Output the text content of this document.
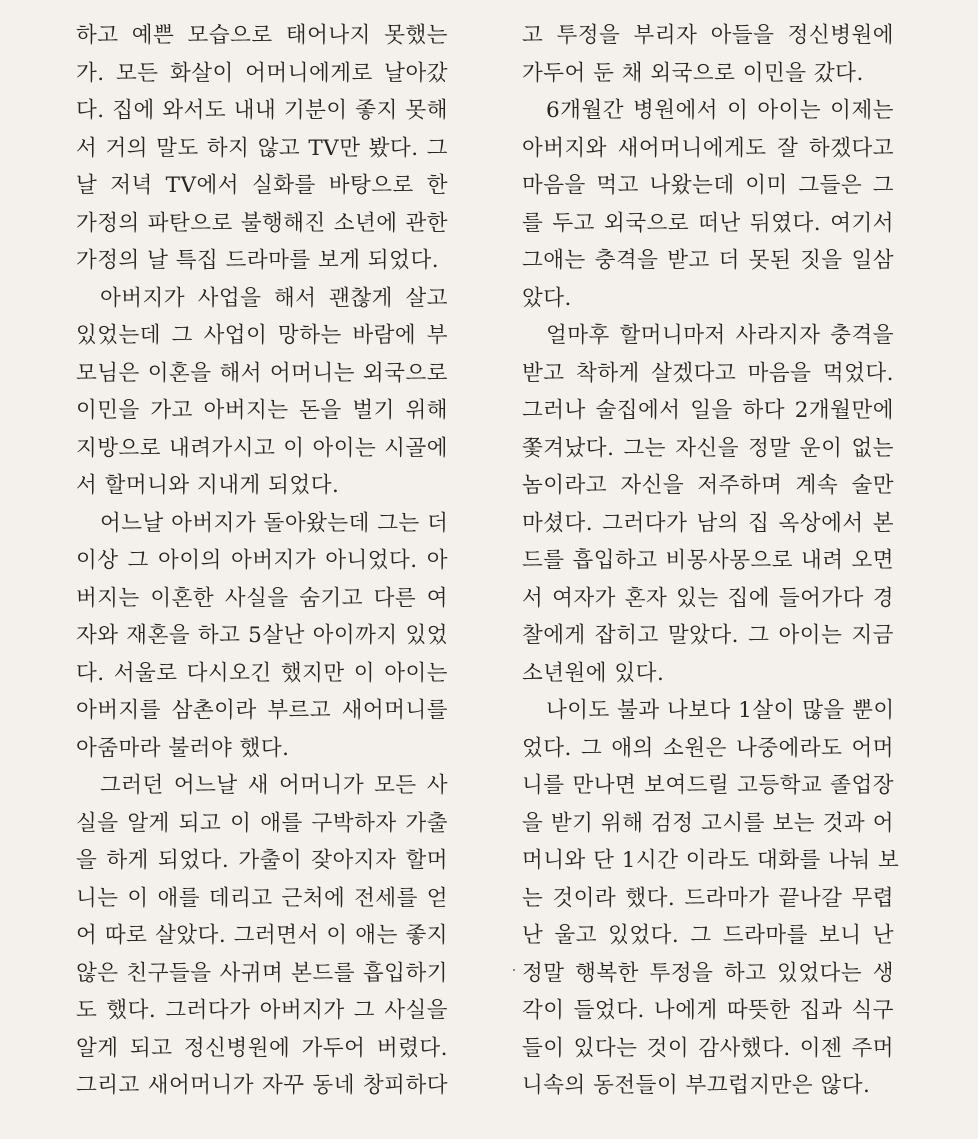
하고 예쁜 모습으로 태어나지 못했는
가. 모든 화살이 어머니에게로 날아갔
다. 집에 와서도 내내 기분이 좋지 못해
서 거의 말도 하지 않고 TV만 봤다. 그
날 저녁 TV에서 실화를 바탕으로 한
가정의 파탄으로 불행해진 소년에 관한
가정의 날 특집 드라마를 보게 되었다.
아버지가 사업을 해서 괜찮게 살고
있었는데 그 사업이 망하는 바람에 부
모님은 이혼을 해서 어머니는 외국으로
이민을 가고 아버지는 돈을 벌기 위해
지방으로 내려가시고 이 아이는 시골에
서 할머니와 지내게 되었다.
어느날 아버지가 돌아왔는데 그는 더
이상 그 아이의 아버지가 아니었다. 아
버지는 이혼한 사실을 숨기고 다른 여
자와 재혼을 하고 5살난 아이까지 있었
다. 서울로 다시오긴 했지만 이 아이는
아버지를 삼촌이라 부르고 새어머니를
아줌마라 불러야 했다.
그러던 어느날 새 어머니가 모든 사
실을 알게 되고 이 애를 구박하자 가출
을 하게 되었다. 가출이 잦아지자 할머
니는 이 애를 데리고 근처에 전세를 얻
어 따로 살았다. 그러면서 이 애는 좋지
않은 친구들을 사귀며 본드를 흡입하기
도 했다. 그러다가 아버지가 그 사실을
알게 되고 정신병원에 가두어 버렸다.
그리고 새어머니가 자꾸 동네 창피하다
고 투정을 부리자 아들을 정신병원에
가두어 둔 채 외국으로 이민을 갔다.
6개월간 병원에서 이 아이는 이제는
아버지와 새어머니에게도 잘 하겠다고
마음을 먹고 나왔는데 이미 그들은 그
를 두고 외국으로 떠난 뒤였다. 여기서
그애는 충격을 받고 더 못된 짓을 일삼
았다.
얼마후 할머니마저 사라지자 충격을
받고 착하게 살겠다고 마음을 먹었다.
그러나 술집에서 일을 하다 2개월만에
쫓겨났다. 그는 자신을 정말 운이 없는
놈이라고 자신을 저주하며 계속 술만
마셨다. 그러다가 남의 집 옥상에서 본
드를 흡입하고 비몽사몽으로 내려 오면
서 여자가 혼자 있는 집에 들어가다 경
찰에게 잡히고 말았다. 그 아이는 지금
소년원에 있다.
나이도 불과 나보다 1살이 많을 뿐이
었다. 그 애의 소원은 나중에라도 어머
니를 만나면 보여드릴 고등학교 졸업장
을 받기 위해 검정 고시를 보는 것과 어
머니와 단 1시간 이라도 대화를 나눠 보
는 것이라 했다. 드라마가 끝나갈 무렵
난 울고 있었다. 그 드라마를 보니 난
정말 행복한 투정을 하고 있었다는 생
각이 들었다. 나에게 따뜻한 집과 식구
들이 있다는 것이 감사했다. 이젠 주머
니속의 동전들이 부끄럽지만은 않다.
